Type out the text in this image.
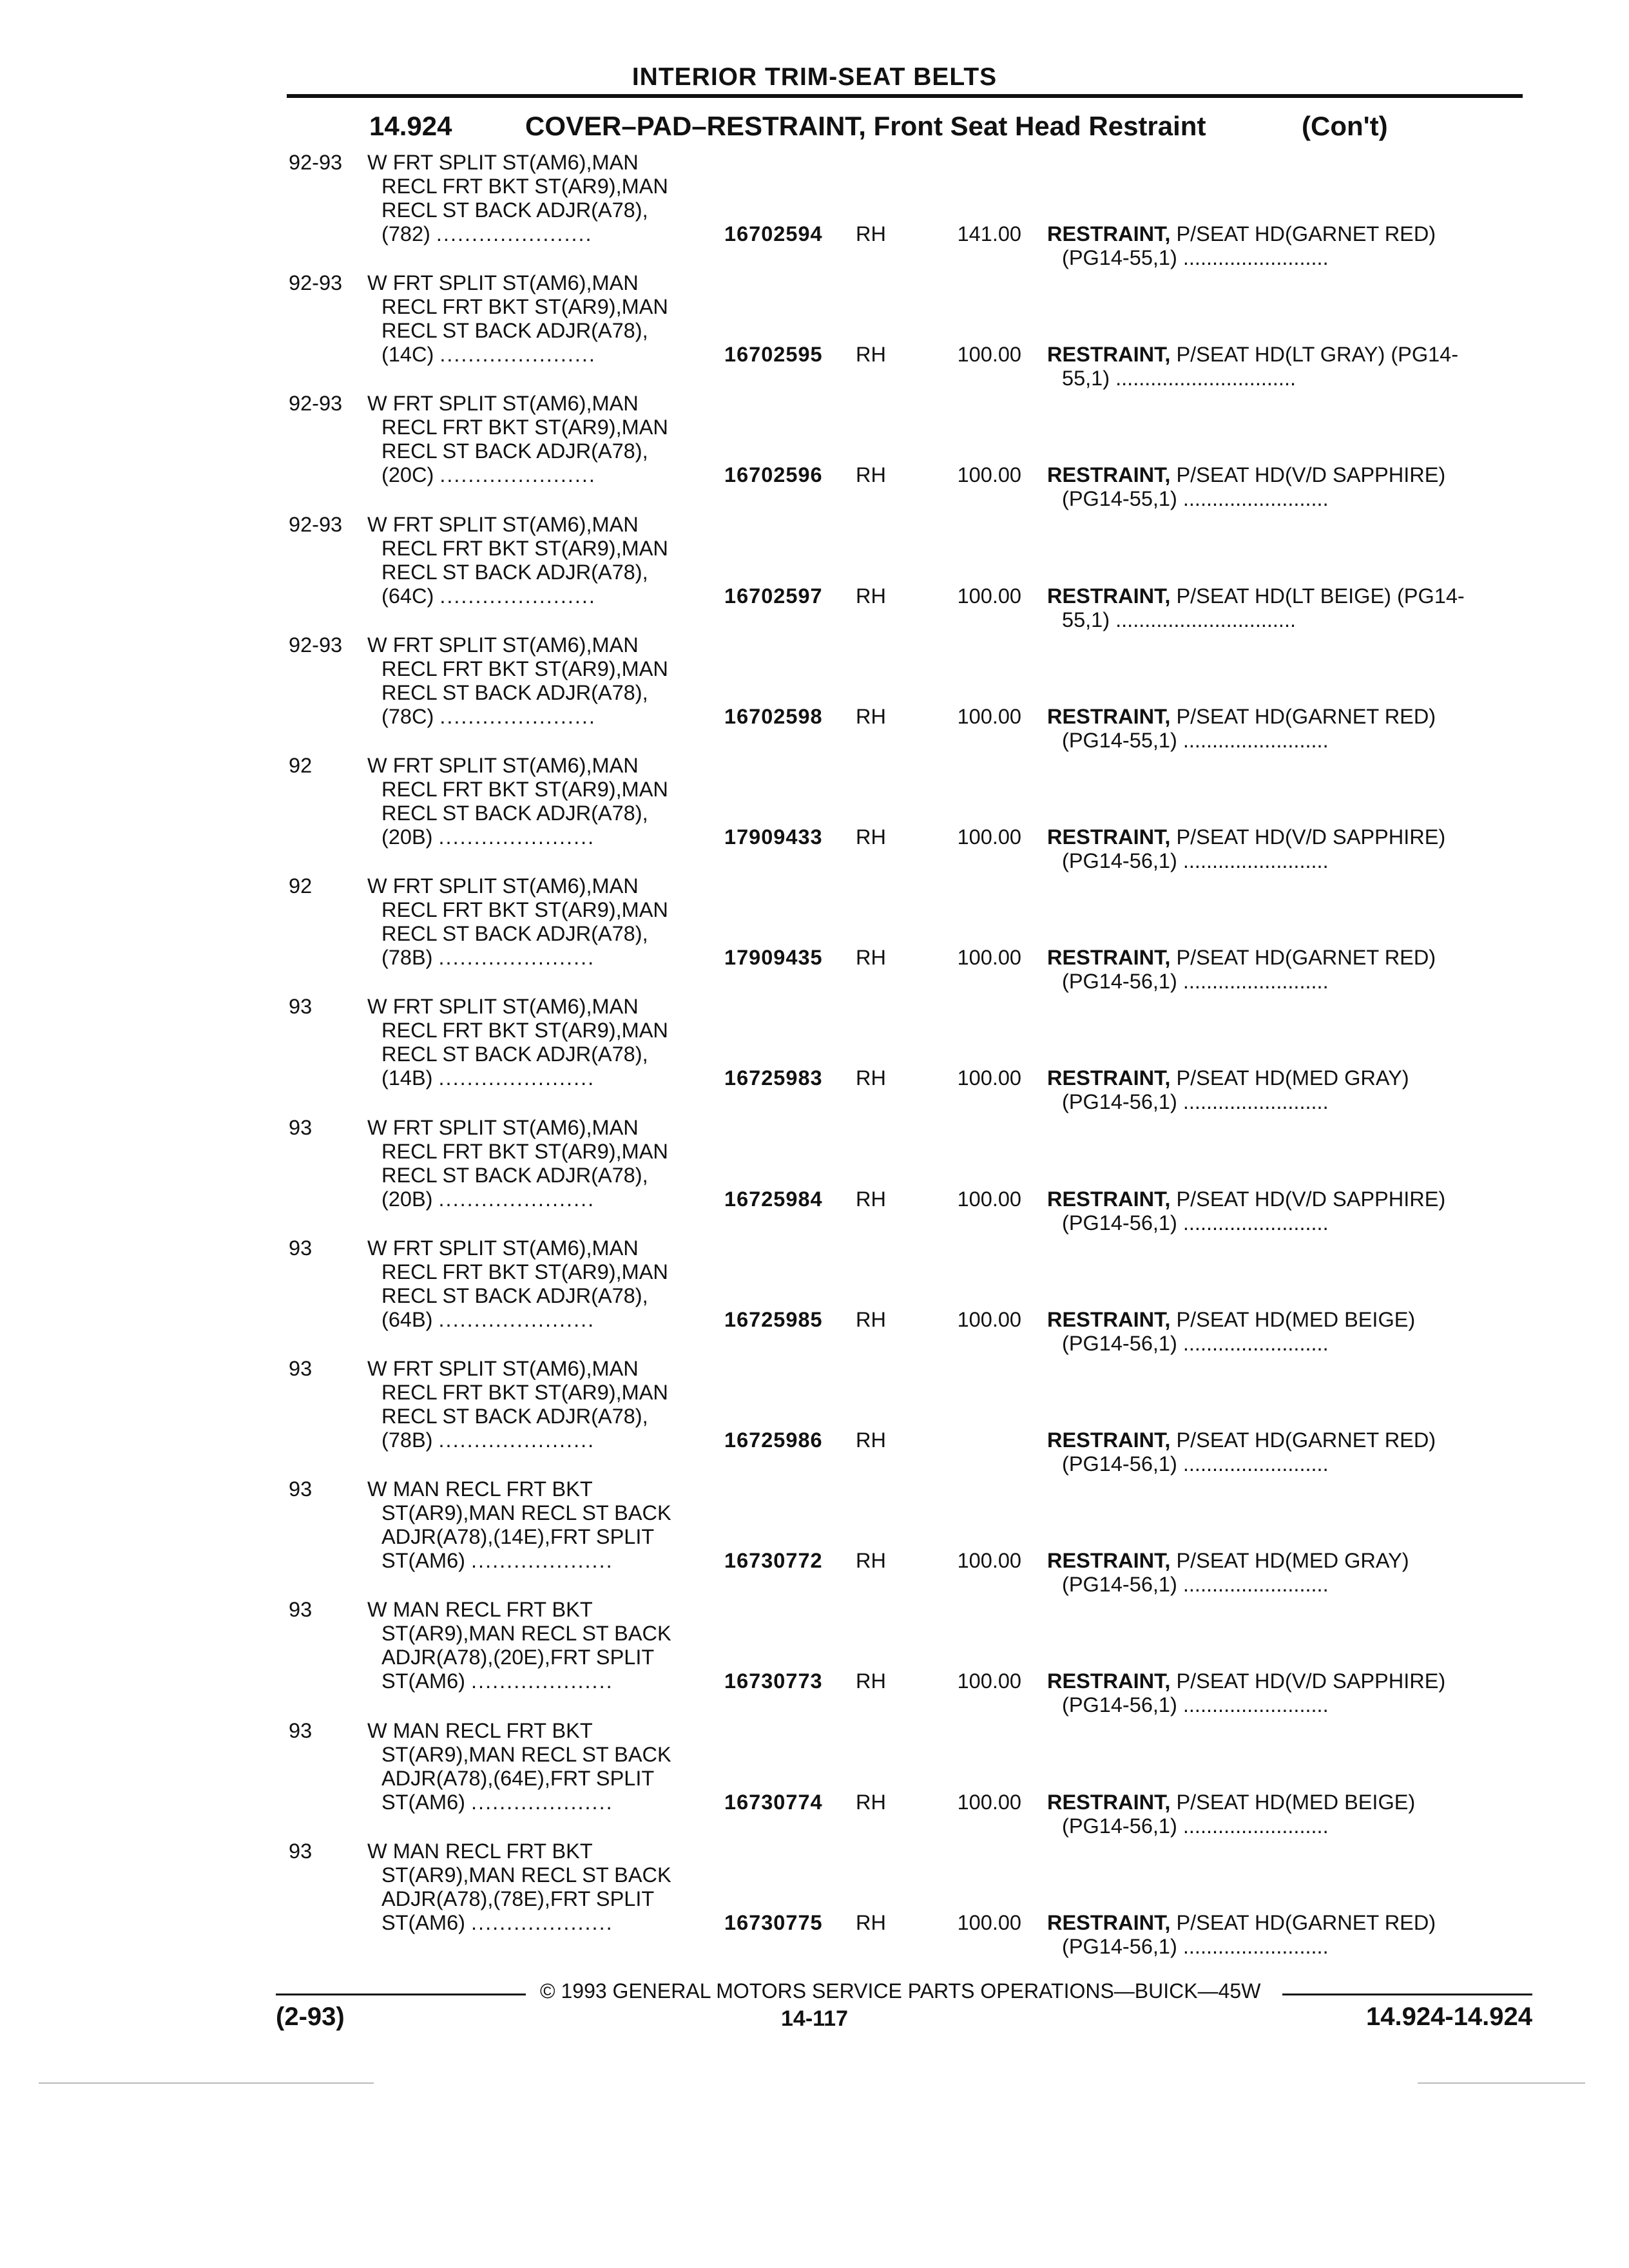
INTERIOR TRIM-SEAT BELTS
14.924	COVER–PAD–RESTRAINT, Front Seat Head Restraint	(Con't)
92-93 W FRT SPLIT ST(AM6),MAN
RECL FRT BKT ST(AR9),MAN
RECL ST BACK ADJR(A78),
(782) ......................	16702594 RH	141.00 RESTRAINT, P/SEAT HD(GARNET RED)
(PG14-55,1) .........................
92-93 W FRT SPLIT ST(AM6),MAN
RECL FRT BKT ST(AR9),MAN
RECL ST BACK ADJR(A78),
(14C) ......................	16702595 RH	100.00 RESTRAINT, P/SEAT HD(LT GRAY) (PG14-
55,1) ...............................
92-93 W FRT SPLIT ST(AM6),MAN
RECL FRT BKT ST(AR9),MAN
RECL ST BACK ADJR(A78),
(20C) ......................	16702596 RH	100.00 RESTRAINT, P/SEAT HD(V/D SAPPHIRE)
(PG14-55,1) .........................
92-93 W FRT SPLIT ST(AM6),MAN
RECL FRT BKT ST(AR9),MAN
RECL ST BACK ADJR(A78),
(64C) ......................	16702597 RH	100.00 RESTRAINT, P/SEAT HD(LT BEIGE) (PG14-
55,1) ...............................
92-93 W FRT SPLIT ST(AM6),MAN
RECL FRT BKT ST(AR9),MAN
RECL ST BACK ADJR(A78),
(78C) ......................	16702598 RH	100.00 RESTRAINT, P/SEAT HD(GARNET RED)
(PG14-55,1) .........................
92	W FRT SPLIT ST(AM6),MAN
RECL FRT BKT ST(AR9),MAN
RECL ST BACK ADJR(A78),
(20B) ......................	17909433 RH	100.00 RESTRAINT, P/SEAT HD(V/D SAPPHIRE)
(PG14-56,1) .........................
92	W FRT SPLIT ST(AM6),MAN
RECL FRT BKT ST(AR9),MAN
RECL ST BACK ADJR(A78),
(78B) ......................	17909435 RH	100.00 RESTRAINT, P/SEAT HD(GARNET RED)
(PG14-56,1) .........................
93	W FRT SPLIT ST(AM6),MAN
RECL FRT BKT ST(AR9),MAN
RECL ST BACK ADJR(A78),
(14B) ......................	16725983 RH	100.00 RESTRAINT, P/SEAT HD(MED GRAY)
(PG14-56,1) .........................
93	W FRT SPLIT ST(AM6),MAN
RECL FRT BKT ST(AR9),MAN
RECL ST BACK ADJR(A78),
(20B) ......................	16725984 RH	100.00 RESTRAINT, P/SEAT HD(V/D SAPPHIRE)
(PG14-56,1) .........................
93	W FRT SPLIT ST(AM6),MAN
RECL FRT BKT ST(AR9),MAN
RECL ST BACK ADJR(A78),
(64B) ......................	16725985 RH	100.00 RESTRAINT, P/SEAT HD(MED BEIGE)
(PG14-56,1) .........................
93	W FRT SPLIT ST(AM6),MAN
RECL FRT BKT ST(AR9),MAN
RECL ST BACK ADJR(A78),
(78B) ......................	16725986 RH	RESTRAINT, P/SEAT HD(GARNET RED)
(PG14-56,1) .........................
93	W MAN RECL FRT BKT
ST(AR9),MAN RECL ST BACK
ADJR(A78),(14E),FRT SPLIT
ST(AM6) ....................	16730772 RH	100.00 RESTRAINT, P/SEAT HD(MED GRAY)
(PG14-56,1) .........................
93	W MAN RECL FRT BKT
ST(AR9),MAN RECL ST BACK
ADJR(A78),(20E),FRT SPLIT
ST(AM6) ....................	16730773 RH	100.00 RESTRAINT, P/SEAT HD(V/D SAPPHIRE)
(PG14-56,1) .........................
93	W MAN RECL FRT BKT
ST(AR9),MAN RECL ST BACK
ADJR(A78),(64E),FRT SPLIT
ST(AM6) ....................	16730774 RH	100.00 RESTRAINT, P/SEAT HD(MED BEIGE)
(PG14-56,1) .........................
93	W MAN RECL FRT BKT
ST(AR9),MAN RECL ST BACK
ADJR(A78),(78E),FRT SPLIT
ST(AM6) ....................	16730775 RH	100.00 RESTRAINT, P/SEAT HD(GARNET RED)
(PG14-56,1) .........................
© 1993 GENERAL MOTORS SERVICE PARTS OPERATIONS—BUICK—45W
(2-93)	14-117	14.924-14.924
